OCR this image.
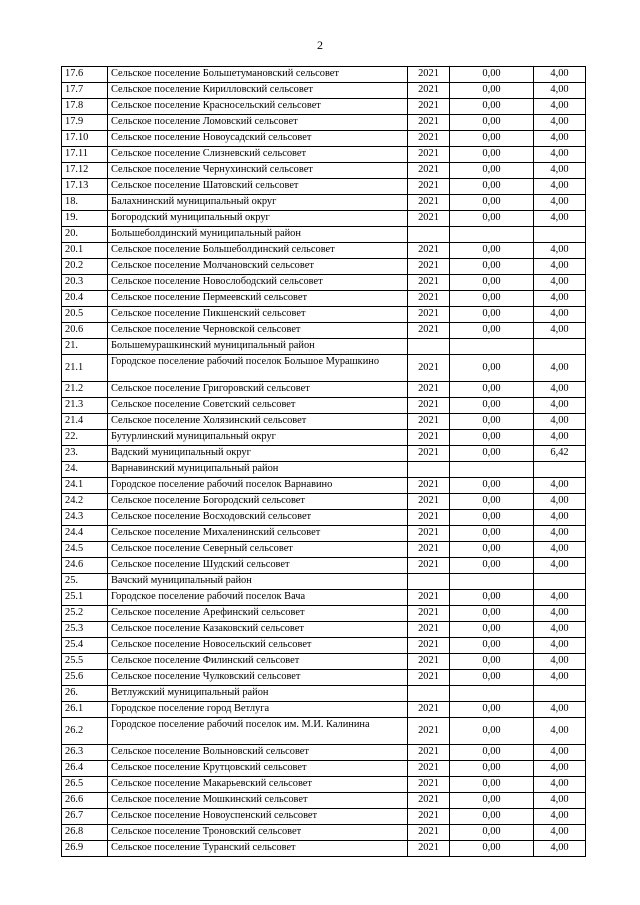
2
17.6	Сельское поселение Большетумановский сельсовет	2021	0,00	4,00
17.7	Сельское поселение Кирилловский сельсовет	2021	0,00	4,00
17.8	Сельское поселение Красносельский сельсовет	2021	0,00	4,00
17.9	Сельское поселение Ломовский сельсовет	2021	0,00	4,00
17.10	Сельское поселение Новоусадский сельсовет	2021	0,00	4,00
17.11	Сельское поселение Слизневский сельсовет	2021	0,00	4,00
17.12	Сельское поселение Чернухинский сельсовет	2021	0,00	4,00
17.13	Сельское поселение Шатовский сельсовет	2021	0,00	4,00
18.	Балахнинский муниципальный округ	2021	0,00	4,00
19.	Богородский муниципальный округ	2021	0,00	4,00
20.	Большеболдинский муниципальный район			
20.1	Сельское поселение Большеболдинский сельсовет	2021	0,00	4,00
20.2	Сельское поселение Молчановский сельсовет	2021	0,00	4,00
20.3	Сельское поселение Новослободский сельсовет	2021	0,00	4,00
20.4	Сельское поселение Пермеевский сельсовет	2021	0,00	4,00
20.5	Сельское поселение Пикшенский сельсовет	2021	0,00	4,00
20.6	Сельское поселение Черновской сельсовет	2021	0,00	4,00
21.	Большемурашкинский муниципальный район			
21.1	Городское поселение рабочий поселок Большое Мурашкино	2021	0,00	4,00
21.2	Сельское поселение Григоровский сельсовет	2021	0,00	4,00
21.3	Сельское поселение Советский сельсовет	2021	0,00	4,00
21.4	Сельское поселение Холязинский сельсовет	2021	0,00	4,00
22.	Бутурлинский муниципальный округ	2021	0,00	4,00
23.	Вадский муниципальный округ	2021	0,00	6,42
24.	Варнавинский муниципальный район			
24.1	Городское поселение рабочий поселок Варнавино	2021	0,00	4,00
24.2	Сельское поселение Богородский сельсовет	2021	0,00	4,00
24.3	Сельское поселение Восходовский сельсовет	2021	0,00	4,00
24.4	Сельское поселение Михаленинский сельсовет	2021	0,00	4,00
24.5	Сельское поселение Северный сельсовет	2021	0,00	4,00
24.6	Сельское поселение Шудский сельсовет	2021	0,00	4,00
25.	Вачский муниципальный район			
25.1	Городское поселение рабочий поселок Вача	2021	0,00	4,00
25.2	Сельское поселение Арефинский сельсовет	2021	0,00	4,00
25.3	Сельское поселение Казаковский сельсовет	2021	0,00	4,00
25.4	Сельское поселение Новосельский сельсовет	2021	0,00	4,00
25.5	Сельское поселение Филинский сельсовет	2021	0,00	4,00
25.6	Сельское поселение Чулковский сельсовет	2021	0,00	4,00
26.	Ветлужский муниципальный район			
26.1	Городское поселение город Ветлуга	2021	0,00	4,00
26.2	Городское поселение рабочий поселок им. М.И. Калинина	2021	0,00	4,00
26.3	Сельское поселение Волыновский сельсовет	2021	0,00	4,00
26.4	Сельское поселение Крутцовский сельсовет	2021	0,00	4,00
26.5	Сельское поселение Макарьевский сельсовет	2021	0,00	4,00
26.6	Сельское поселение Мошкинский сельсовет	2021	0,00	4,00
26.7	Сельское поселение Новоуспенский сельсовет	2021	0,00	4,00
26.8	Сельское поселение Троновский сельсовет	2021	0,00	4,00
26.9	Сельское поселение Туранский сельсовет	2021	0,00	4,00
